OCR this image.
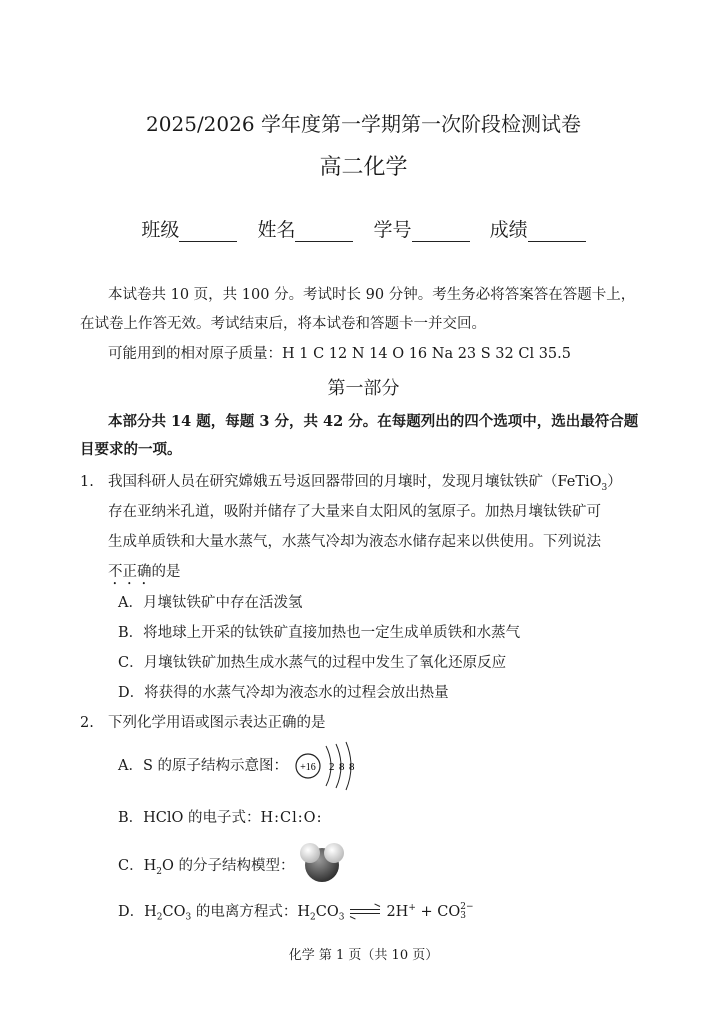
2025/2026 学年度第一学期第一次阶段检测试卷
高二化学
班级	姓名	学号	成绩
本试卷共 10 页，共 100 分。考试时长 90 分钟。考生务必将答案答在答题卡上，
在试卷上作答无效。考试结束后，将本试卷和答题卡一并交回。
可能用到的相对原子质量：H 1 C 12 N 14 O 16 Na 23 S 32 Cl 35.5
第一部分
本部分共 14 题，每题 3 分，共 42 分。在每题列出的四个选项中，选出最符合题
目要求的一项。
1. 我国科研人员在研究嫦娥五号返回器带回的月壤时，发现月壤钛铁矿（FeTiO$_3$）
存在亚纳米孔道，吸附并储存了大量来自太阳风的氢原子。加热月壤钛铁矿可
生成单质铁和大量水蒸气，水蒸气冷却为液态水储存起来以供使用。下列说法
不正确的是
A．月壤钛铁矿中存在活泼氢
B．将地球上开采的钛铁矿直接加热也一定生成单质铁和水蒸气
C．月壤钛铁矿加热生成水蒸气的过程中发生了氧化还原反应
D．将获得的水蒸气冷却为液态水的过程会放出热量
2. 下列化学用语或图示表达正确的是
A．S 的原子结构示意图： +16 2 8 8
B．HClO 的电子式：H:Cl:O:
C．$H_2O$ 的分子结构模型：
D．$H_2CO_3$ 的电离方程式：$H_2CO_3$ ⇌ 2H+ + CO 2−
3
化学 第 1 页（共 10 页）
